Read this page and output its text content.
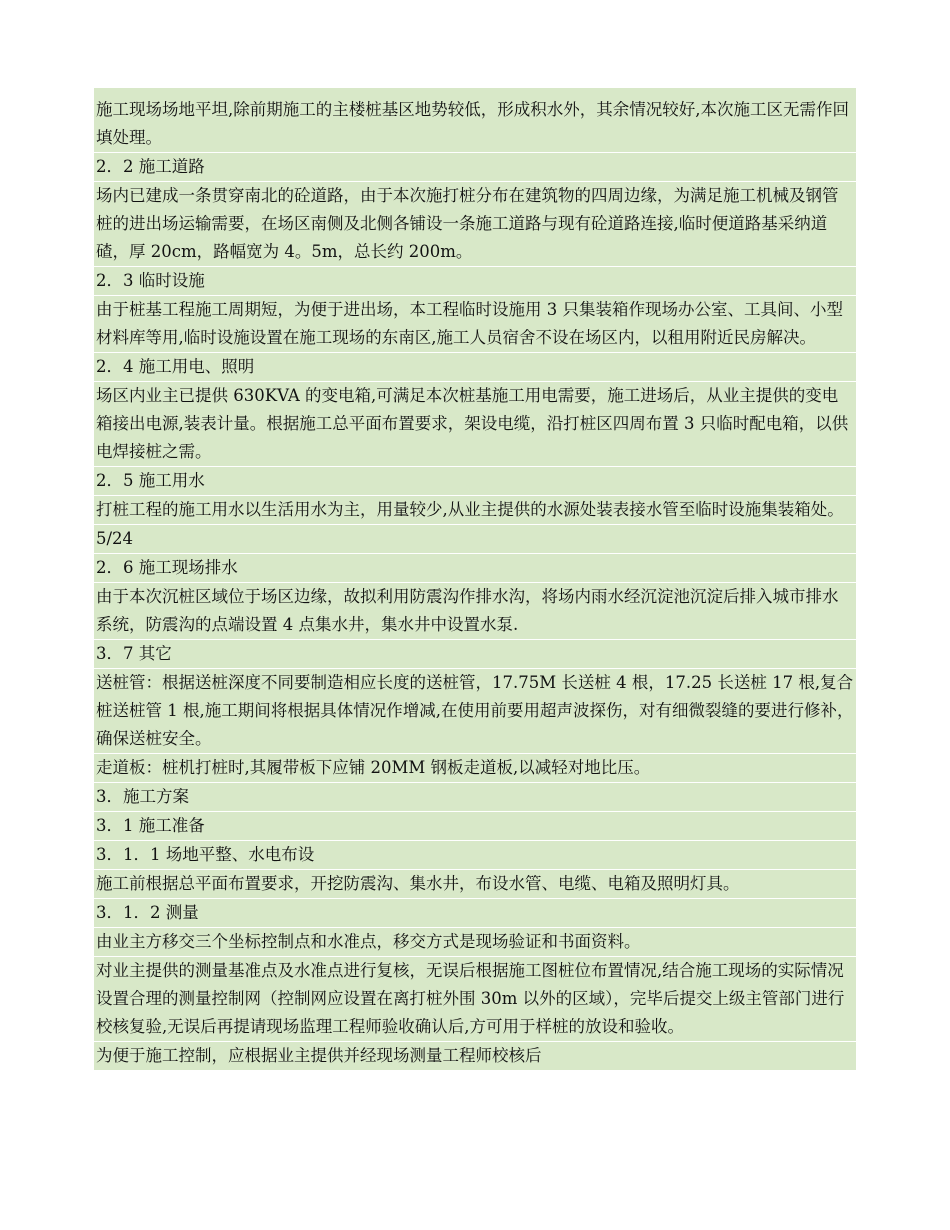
施工现场场地平坦,除前期施工的主楼桩基区地势较低，形成积水外，其余情况较好,本次施工区无需作回填处理。
2．2 施工道路
场内已建成一条贯穿南北的砼道路，由于本次施打桩分布在建筑物的四周边缘，为满足施工机械及钢管桩的进出场运输需要，在场区南侧及北侧各铺设一条施工道路与现有砼道路连接,临时便道路基采纳道碴，厚 20cm，路幅宽为 4。5m，总长约 200m。
2．3 临时设施
由于桩基工程施工周期短，为便于进出场，本工程临时设施用 3 只集装箱作现场办公室、工具间、小型材料库等用,临时设施设置在施工现场的东南区,施工人员宿舍不设在场区内，以租用附近民房解决。
2．4 施工用电、照明
场区内业主已提供 630KVA 的变电箱,可满足本次桩基施工用电需要，施工进场后，从业主提供的变电箱接出电源,装表计量。根据施工总平面布置要求，架设电缆，沿打桩区四周布置 3 只临时配电箱，以供电焊接桩之需。
2．5 施工用水
打桩工程的施工用水以生活用水为主，用量较少,从业主提供的水源处装表接水管至临时设施集装箱处。
5/24
2．6 施工现场排水
由于本次沉桩区域位于场区边缘，故拟利用防震沟作排水沟，将场内雨水经沉淀池沉淀后排入城市排水系统，防震沟的点端设置 4 点集水井，集水井中设置水泵.
3．7 其它
送桩管：根据送桩深度不同要制造相应长度的送桩管，17.75M 长送桩 4 根，17.25 长送桩 17 根,复合桩送桩管 1 根,施工期间将根据具体情况作增减,在使用前要用超声波探伤，对有细微裂缝的要进行修补，确保送桩安全。
走道板：桩机打桩时,其履带板下应铺 20MM 钢板走道板,以减轻对地比压。
3．施工方案
3．1 施工准备
3．1．1 场地平整、水电布设
施工前根据总平面布置要求，开挖防震沟、集水井，布设水管、电缆、电箱及照明灯具。
3．1．2 测量
由业主方移交三个坐标控制点和水准点，移交方式是现场验证和书面资料。
对业主提供的测量基准点及水准点进行复核，无误后根据施工图桩位布置情况,结合施工现场的实际情况设置合理的测量控制网（控制网应设置在离打桩外围 30m 以外的区域），完毕后提交上级主管部门进行校核复验,无误后再提请现场监理工程师验收确认后,方可用于样桩的放设和验收。
为便于施工控制，应根据业主提供并经现场测量工程师校核后
